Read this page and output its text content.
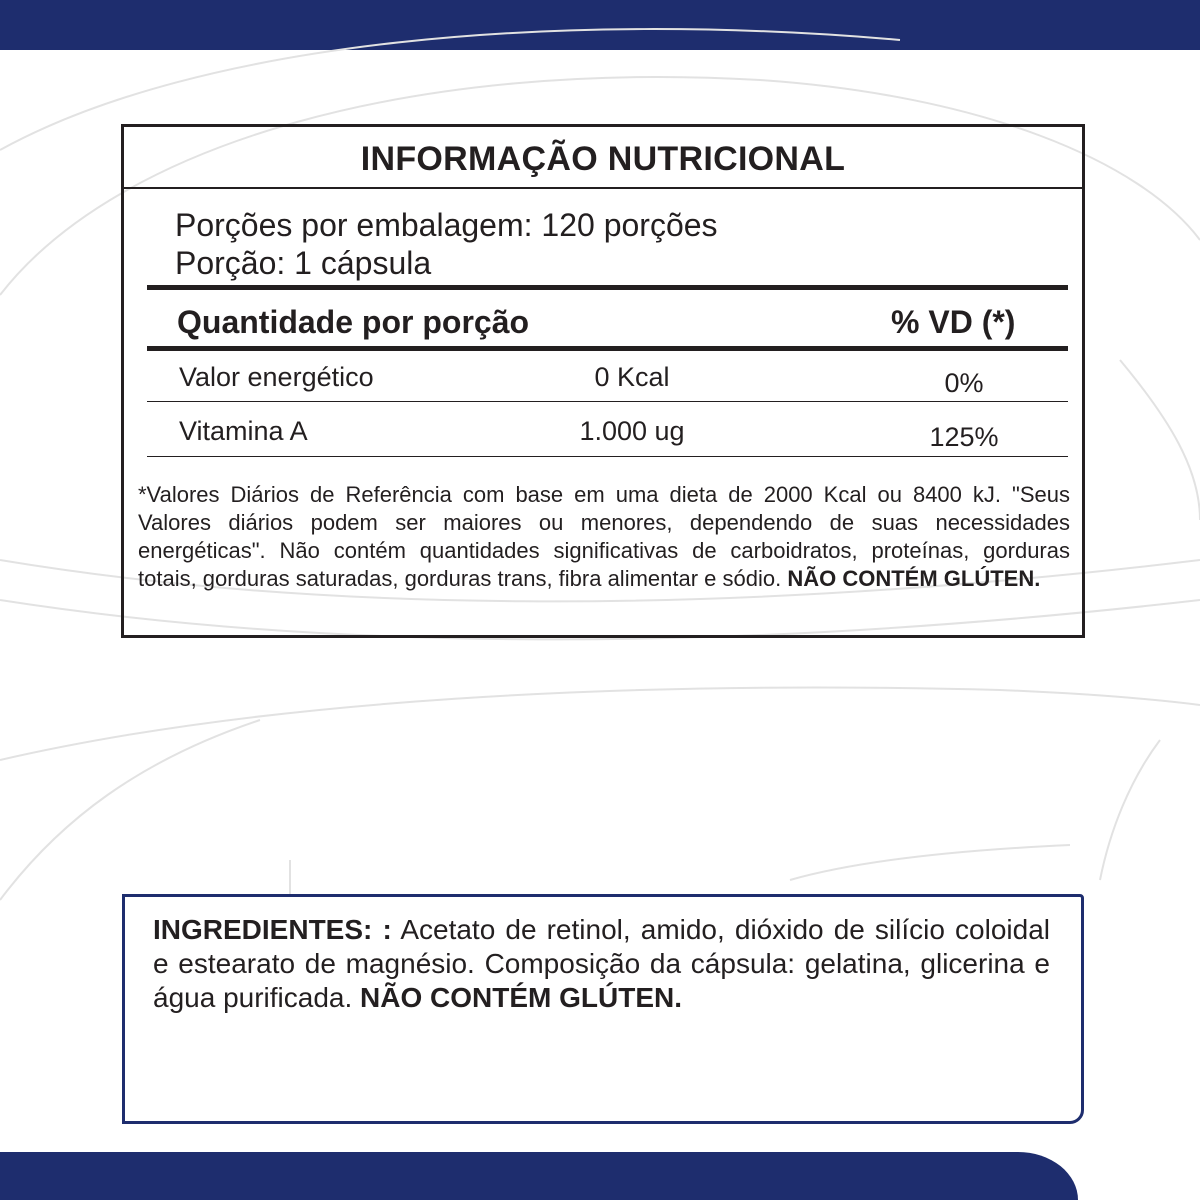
INFORMAÇÃO NUTRICIONAL
Porções por embalagem: 120 porções
Porção: 1 cápsula
Quantidade por porção	% VD (*)
Valor energético	0 Kcal	0%
Vitamina A	1.000 ug	125%
*Valores Diários de Referência com base em uma dieta de 2000 Kcal ou 8400 kJ. "Seus Valores diários podem ser maiores ou menores, dependendo de suas necessidades energéticas". Não contém quantidades significativas de carboidratos, proteínas, gorduras totais, gorduras saturadas, gorduras trans, fibra alimentar e sódio. NÃO CONTÉM GLÚTEN.
INGREDIENTES: : Acetato de retinol, amido, dióxido de silício coloidal e estearato de magnésio. Composição da cápsula: gelatina, glicerina e água purificada. NÃO CONTÉM GLÚTEN.
